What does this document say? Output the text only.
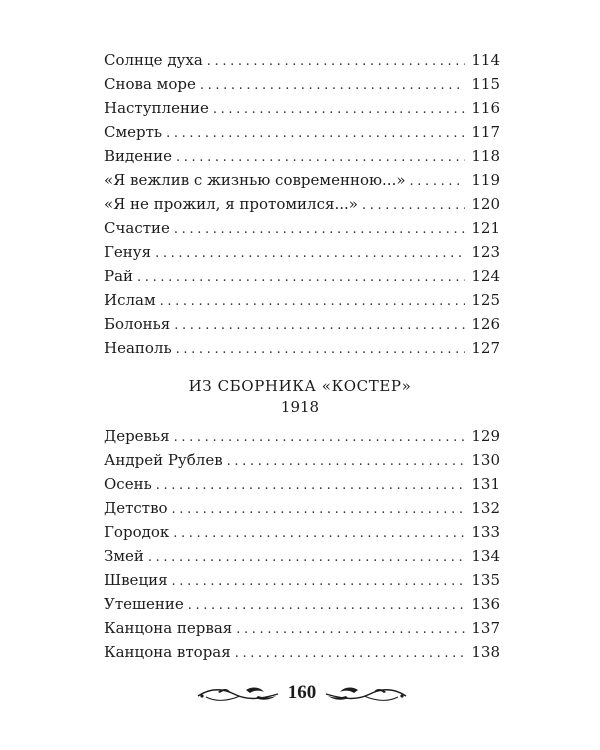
Солнце духа . . .	114
Снова море . . .	115
Наступление . . .	116
Смерть . . .	117
Видение . . .	118
«Я вежлив с жизнью современною...» . . .	119
«Я не прожил, я протомился...» . . .	120
Счастие . . .	121
Генуя . . .	123
Рай . . .	124
Ислам . . .	125
Болонья . . .	126
Неаполь . . .	127
ИЗ СБОРНИКА «КОСТЕР»
1918
Деревья . . .	129
Андрей Рублев . . .	130
Осень . . .	131
Детство . . .	132
Городок . . .	133
Змей . . .	134
Швеция . . .	135
Утешение . . .	136
Канцона первая . . .	137
Канцона вторая . . .	138
160
